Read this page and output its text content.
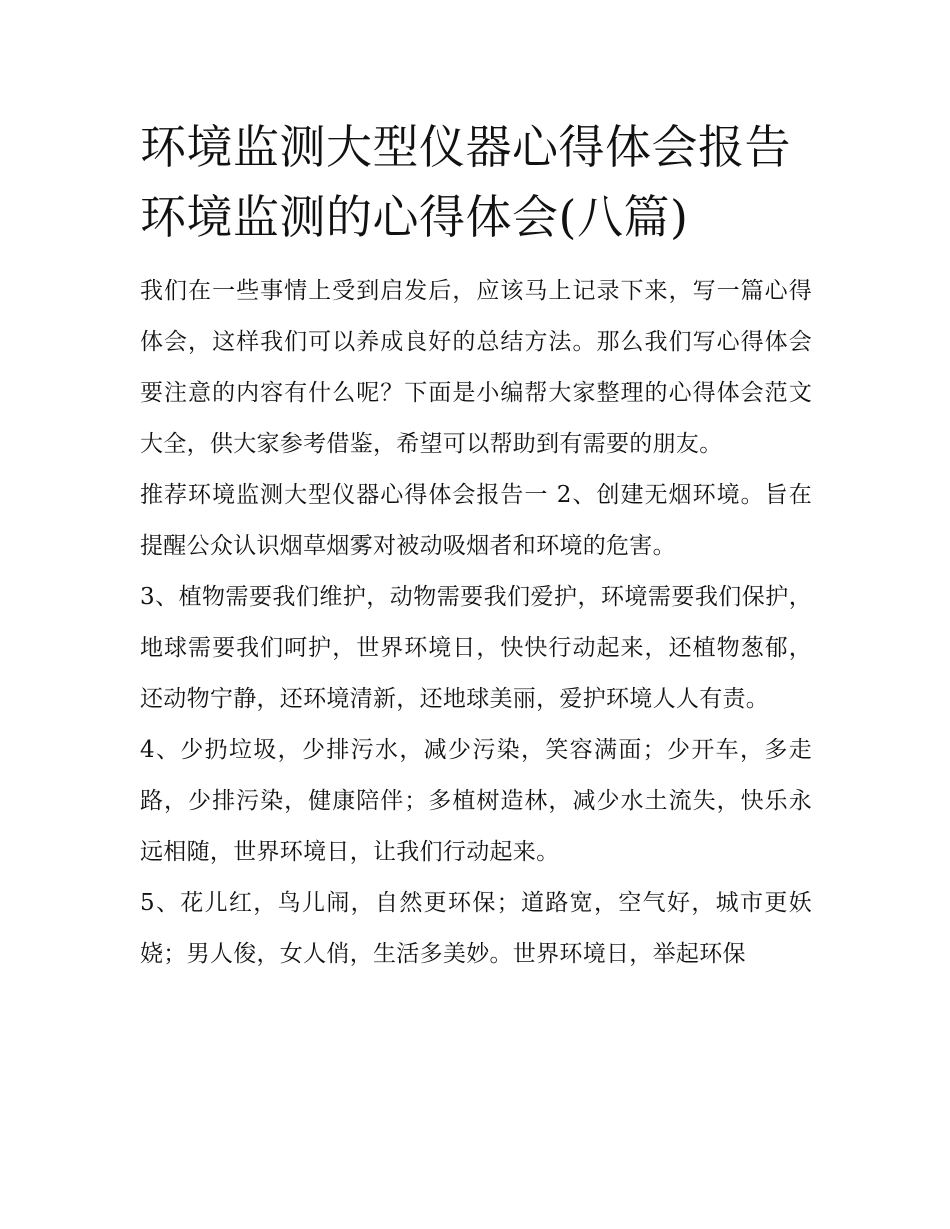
环境监测大型仪器心得体会报告 环境监测的心得体会(八篇)

我们在一些事情上受到启发后，应该马上记录下来，写一篇心得体会，这样我们可以养成良好的总结方法。那么我们写心得体会要注意的内容有什么呢？下面是小编帮大家整理的心得体会范文大全，供大家参考借鉴，希望可以帮助到有需要的朋友。

推荐环境监测大型仪器心得体会报告一 2、创建无烟环境。旨在提醒公众认识烟草烟雾对被动吸烟者和环境的危害。

3、植物需要我们维护，动物需要我们爱护，环境需要我们保护，地球需要我们呵护，世界环境日，快快行动起来，还植物葱郁，还动物宁静，还环境清新，还地球美丽，爱护环境人人有责。

4、少扔垃圾，少排污水，减少污染，笑容满面；少开车，多走路，少排污染，健康陪伴；多植树造林，减少水土流失，快乐永远相随，世界环境日，让我们行动起来。

5、花儿红，鸟儿闹，自然更环保；道路宽，空气好，城市更妖娆；男人俊，女人俏，生活多美妙。世界环境日，举起环保
